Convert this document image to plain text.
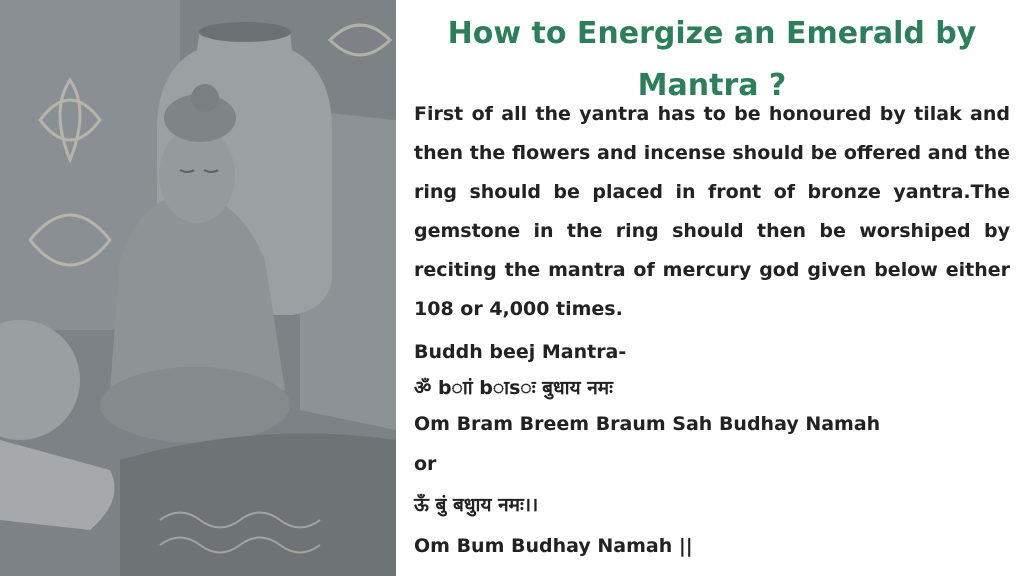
How to Energize an Emerald by Mantra ?

First of all the yantra has to be honoured by tilak and then the flowers and incense should be offered and the ring should be placed in front of bronze yantra.The gemstone in the ring should then be worshiped by reciting the mantra of mercury god given below either 108 or 4,000 times.

Buddh beej Mantra-
ॐ bाां bाsः बुधाय नमः
Om Bram Breem Braum Sah Budhay Namah
or
ऊँ बुं बधुाय नमः।।
Om Bum Budhay Namah ||
